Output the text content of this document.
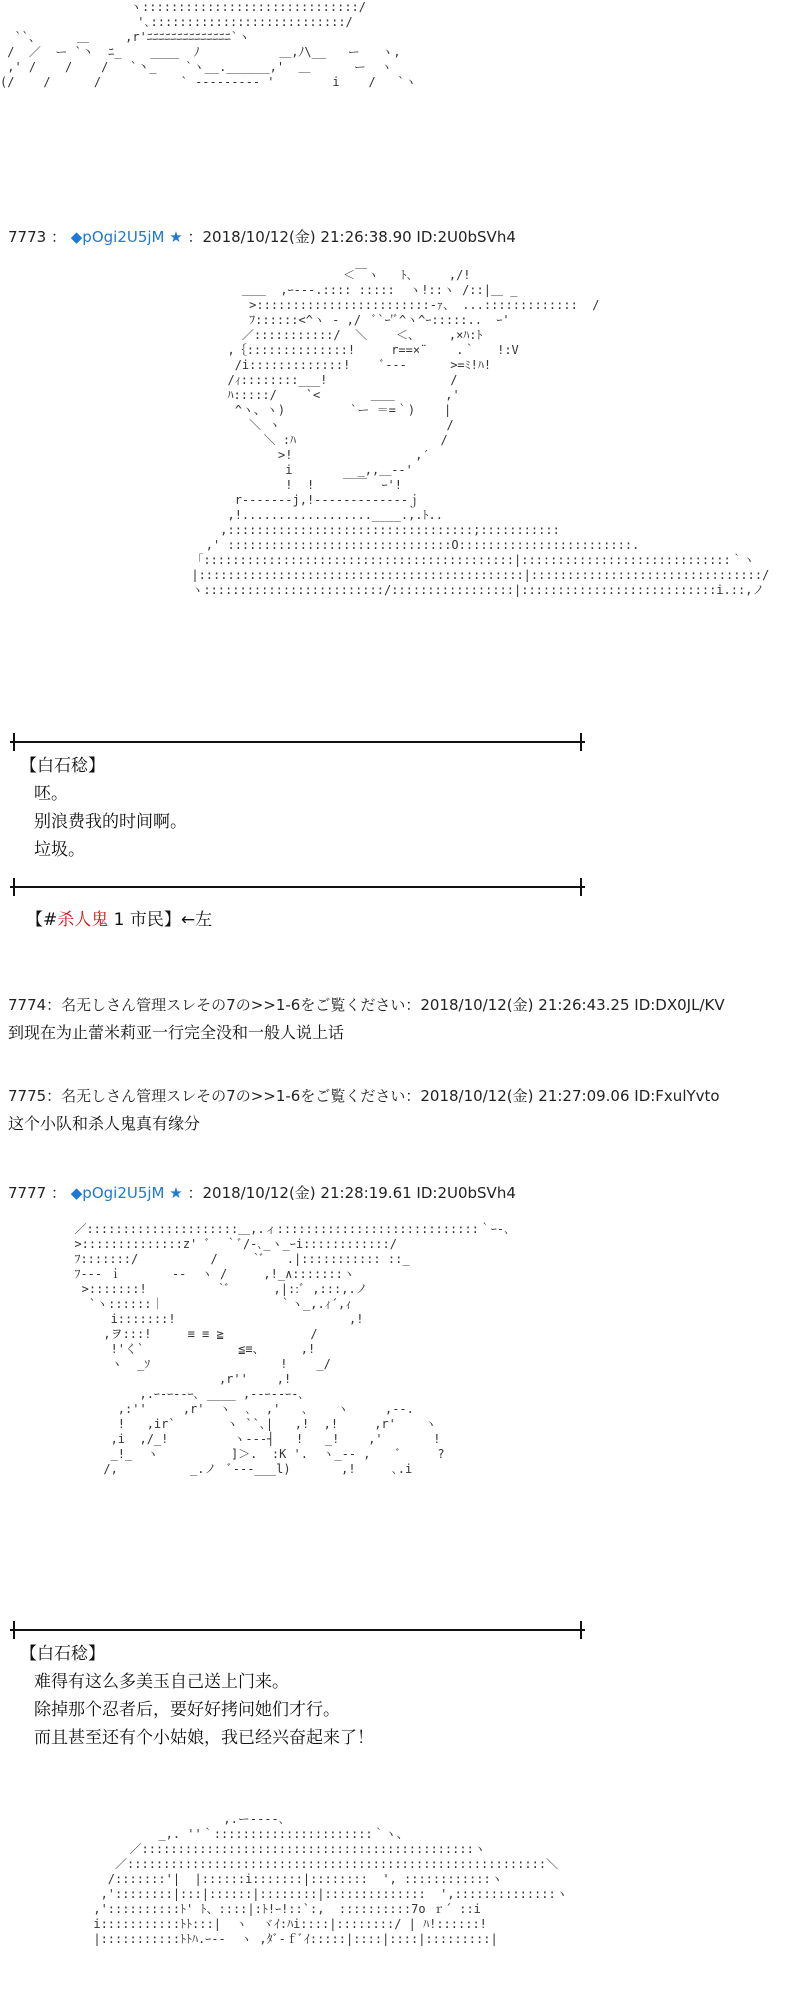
ヽ::::::::::::::::::::::::::::::/
'､:::::::::::::::::::::::::::/
``、     ＿     ,r'ﾆﾆﾆﾆﾆﾆﾆﾆﾆﾆﾆﾆﾆﾆ`ヽ
/  ／  ー `丶  ﾆ_    ____  ﾉ           ＿,ﾉ\__   ー   ヽ,
,' /    /    /   `丶_    `ヽ__.______,'  ＿      ー  ヽ
(/    /      /           ` ‐-------‐ '        i    /   `ヽ
7773 ： ◆pOgi2U5jM ★ ：2018/10/12(金) 21:26:38.90 ID:2U0bSVh4
＜￣ヽ   ﾄ､     ,/!
＿＿  ,ｰ‐‐-.:::: :::::  ヽ!::ヽ /::|＿ _
>::::::::::::::::::::::::-ｧ、 ...:::::::::::::  /
ﾌ::::::<^ヽ ‐ ,/  ﾞ`ｰ'ﾞ^ヽ^ｰ:::::..  ｰ'
／:::::::::::/  ＼    ＜、    ,×ﾊ:ﾄ
,｛::::::::::::::!     r==×¨    .｀   !:V
/i:::::::::::::!    ﾞ‐‐‐      >=ﾐ!ﾊ!
/ｨ::::::::___!                 /
ﾊ:::::/    `<       ＿＿       ,'
^ヽ、ヽ)         `ー ＝=｀)    |
＼ ヽ                       /
＼ :ﾊ                    /
>!                 ,′
i         _,,＿-‐'
!  !    ￣￣  ｰ'!
r‐‐‐‐‐‐‐j,!‐‐‐‐‐‐‐‐‐‐‐‐‐ｊ
,!..................____.,.ﾄ..
,::::::::::::::::::::::::::::::::::;:::::::::::
,' :::::::::::::::::::::::::::::::O::::::::::::::::::::::::.
「:::::::::::::::::::::::::::::::::::::::::::|:::::::::::::::::::::::::::::｀ヽ
|:::::::::::::::::::::::::::::::::::::::::::::|::::::::::::::::::::::::::::::::/
ヽ:::::::::::::::::::::::::/:::::::::::::::::|:::::::::::::::::::::::::::i.::,ノ
【白石稔】
呸。
别浪费我的时间啊。
垃圾。
【#杀人鬼 1 市民】←左
7774：名无しさん管理スレその7の>>1-6をご覧ください：2018/10/12(金) 21:26:43.25 ID:DX0JL/KV
到现在为止蕾米莉亚一行完全没和一般人说上话
7775：名无しさん管理スレその7の>>1-6をご覧ください：2018/10/12(金) 21:27:09.06 ID:FxulYvto
这个小队和杀人鬼真有缘分
7777 ： ◆pOgi2U5jM ★ ：2018/10/12(金) 21:28:19.61 ID:2U0bSVh4
／:::::::::::::::::::::＿,.ィ::::::::::::::::::::::::::::｀ｰ-､
>::::::::::::::z' ﾞ  ｀ﾞ/‐､_ヽ_ｰi::::::::::::/
ﾌ:::::::/          /     `ﾞ   .|::::::::::: ::_
ﾌ‐‐‐ ｉ       ‐‐  ヽ /     ,!_∧:::::::ヽ
>:::::::!          `ﾞ      ,|::ﾞ ,:::,.ノ
`ヽ::::::｜                ｀ヽ_,.ｨ´,ｨ
i:::::::!                        ,!
,ヲ:::!     ≡ ≡ ≧            /
!'く`             ≦≡、     ,!
ヽ  _ｿ                  !    _/
,r''    ,!
,.ｰ‐ｰ‐‐ｰ､ ____ ,‐‐ｰ‐‐ｰ‐､
,:''     ,r'  ヽ  ､  ,'   ､    ヽ     ,‐-.
!   ,ir`       ヽ ``､|   ,!  ,!     ,r'    ヽ
,i  ,/_!         ヽ‐-‐┤   !   _!    ,'       !
_!_  ヽ          ]＞.  :K '.  ヽ_‐‐ ,    ﾞ     ?
/,          _.ノ  ﾞ‐-‐___l)       ,!     ､.i
【白石稔】
难得有这么多美玉自己送上门来。
除掉那个忍者后，要好好拷问她们才行。
而且甚至还有个小姑娘，我已经兴奋起来了！
,.ー‐‐-‐､
_,. ''｀::::::::::::::::::::::｀ヽ、
／::::::::::::::::::::::::::::::::::::::::::::::ヽ
／::::::::::::::::::::::::::::::::::::::::::::::::::::::::::＼
/:::::::'|  |::::::i:::::::|::::::::  ', ::::::::::::ヽ
,'::::::::|:::|::::::|::::::::|::::::::::::::  ',::::::::::::::ヽ
,'::::::::::ﾄ' ﾄ、::::|:ﾄ!ｰ!::`:,  ::::::::::7o ｒ´ ::i
i:::::::::::ﾄﾄ:::|  ヽ  ヾｲ:ﾊi::::|::::::::/ | ﾊ!::::::!
|:::::::::::ﾄﾄﾊ.ｰ‐‐  ヽ ,ﾀﾞ‐ｆﾞｲ:::::|::::|::::|:::::::::|
